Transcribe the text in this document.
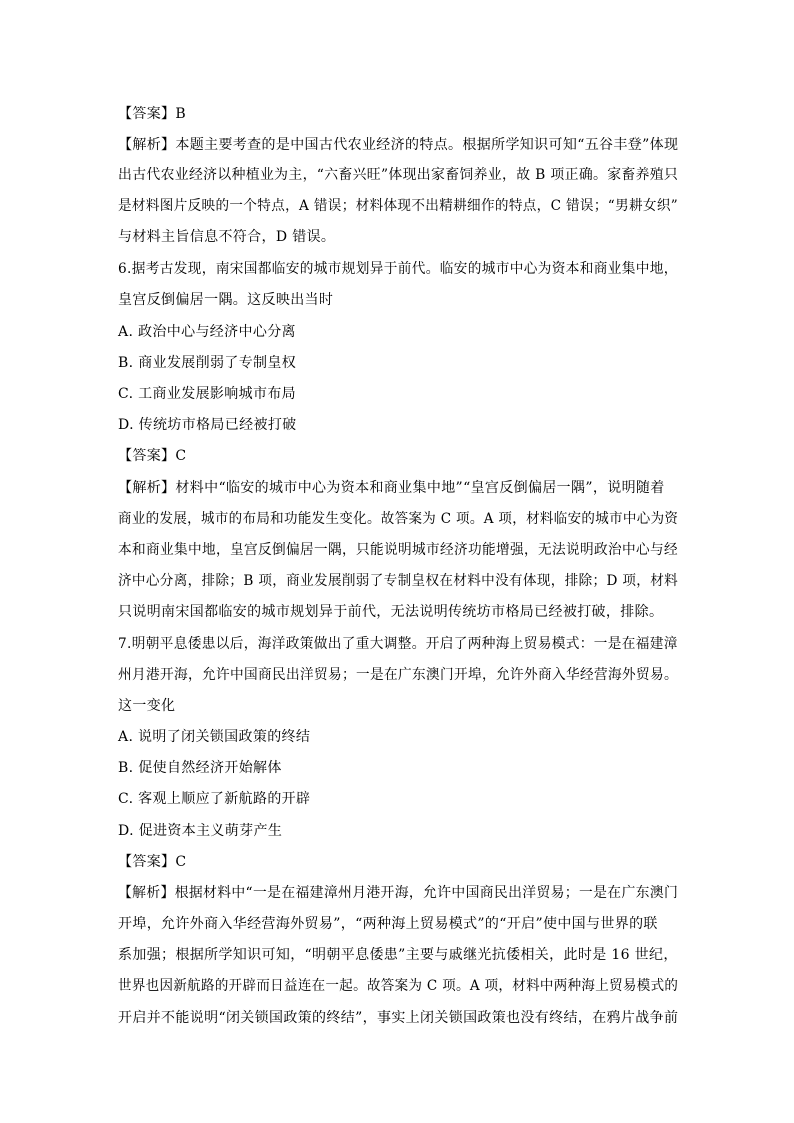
【答案】B
【解析】本题主要考查的是中国古代农业经济的特点。根据所学知识可知“五谷丰登”体现
出古代农业经济以种植业为主，“六畜兴旺”体现出家畜饲养业，故 B 项正确。家畜养殖只
是材料图片反映的一个特点，A 错误；材料体现不出精耕细作的特点，C 错误；“男耕女织”
与材料主旨信息不符合，D 错误。
6.据考古发现，南宋国都临安的城市规划异于前代。临安的城市中心为资本和商业集中地，
皇宫反倒偏居一隅。这反映出当时
A. 政治中心与经济中心分离
B. 商业发展削弱了专制皇权
C. 工商业发展影响城市布局
D. 传统坊市格局已经被打破
【答案】C
【解析】材料中“临安的城市中心为资本和商业集中地”“皇宫反倒偏居一隅”，说明随着
商业的发展，城市的布局和功能发生变化。故答案为 C 项。A 项，材料临安的城市中心为资
本和商业集中地，皇宫反倒偏居一隅，只能说明城市经济功能增强，无法说明政治中心与经
济中心分离，排除；B 项，商业发展削弱了专制皇权在材料中没有体现，排除；D 项，材料
只说明南宋国都临安的城市规划异于前代，无法说明传统坊市格局已经被打破，排除。
7.明朝平息倭患以后，海洋政策做出了重大调整。开启了两种海上贸易模式：一是在福建漳
州月港开海，允许中国商民出洋贸易；一是在广东澳门开埠，允许外商入华经营海外贸易。
这一变化
A. 说明了闭关锁国政策的终结
B. 促使自然经济开始解体
C. 客观上顺应了新航路的开辟
D. 促进资本主义萌芽产生
【答案】C
【解析】根据材料中“一是在福建漳州月港开海，允许中国商民出洋贸易；一是在广东澳门
开埠，允许外商入华经营海外贸易”，“两种海上贸易模式”的“开启”使中国与世界的联
系加强；根据所学知识可知，“明朝平息倭患”主要与戚继光抗倭相关，此时是 16 世纪，
世界也因新航路的开辟而日益连在一起。故答案为 C 项。A 项，材料中两种海上贸易模式的
开启并不能说明“闭关锁国政策的终结”，事实上闭关锁国政策也没有终结，在鸦片战争前
